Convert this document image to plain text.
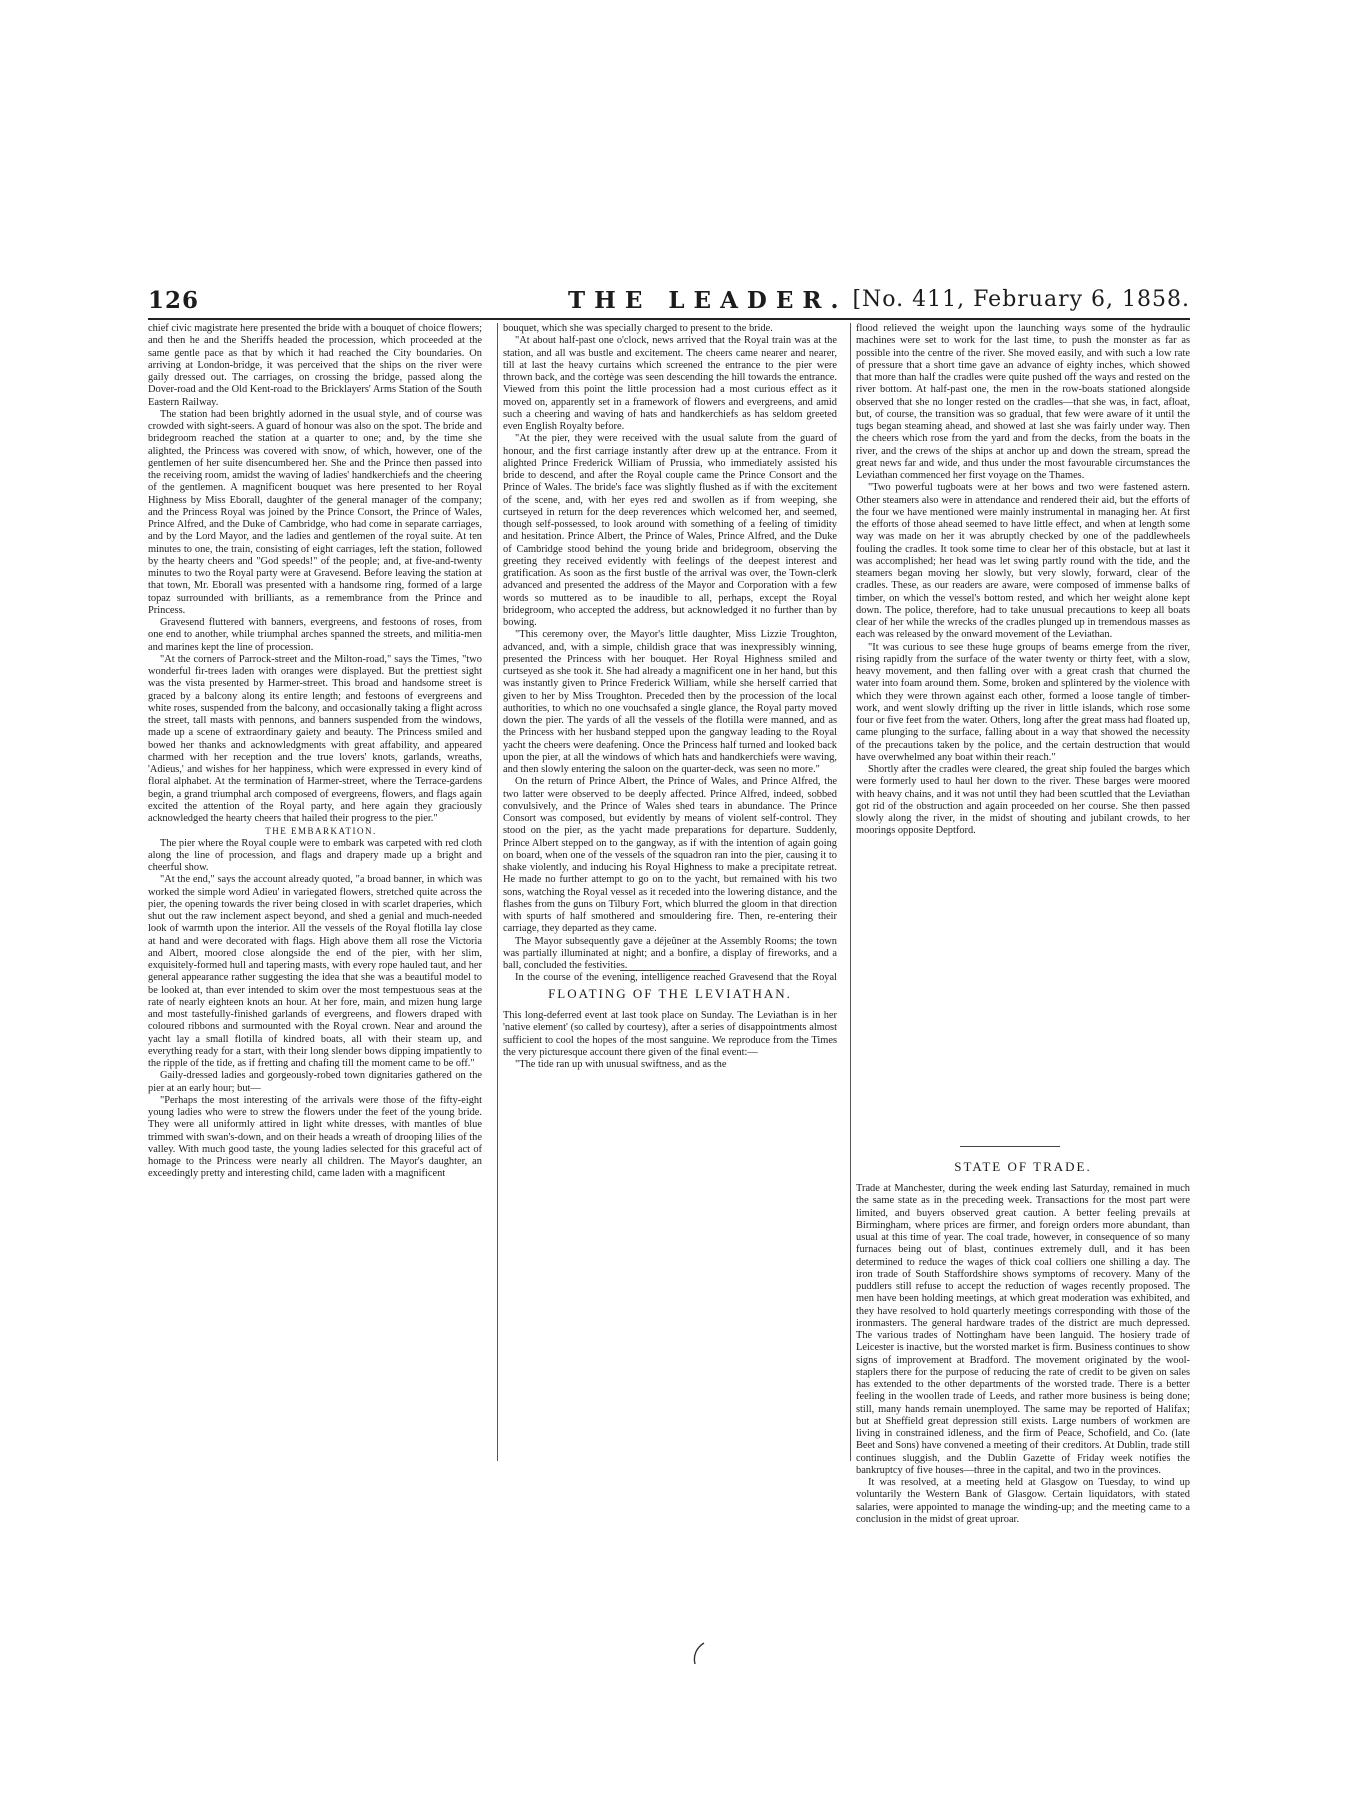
126	THE LEADER. [No. 411, February 6, 1858.

chief civic magistrate here presented the bride with a bouquet of choice flowers; and then he and the Sheriffs headed the procession, which proceeded at the same gentle pace as that by which it had reached the City boundaries. On arriving at London-bridge, it was perceived that the ships on the river were gaily dressed out. The carriages, on crossing the bridge, passed along the Dover-road and the Old Kent-road to the Bricklayers' Arms Station of the South Eastern Railway.

The station had been brightly adorned in the usual style, and of course was crowded with sight-seers. A guard of honour was also on the spot. The bride and bridegroom reached the station at a quarter to one; and, by the time she alighted, the Princess was covered with snow, of which, however, one of the gentlemen of her suite disencumbered her. She and the Prince then passed into the receiving room, amidst the waving of ladies' handkerchiefs and the cheering of the gentlemen. A magnificent bouquet was here presented to her Royal Highness by Miss Eborall, daughter of the general manager of the company; and the Princess Royal was joined by the Prince Consort, the Prince of Wales, Prince Alfred, and the Duke of Cambridge, who had come in separate carriages, and by the Lord Mayor, and the ladies and gentlemen of the royal suite. At ten minutes to one, the train, consisting of eight carriages, left the station, followed by the hearty cheers and "God speeds!" of the people; and, at five-and-twenty minutes to two the Royal party were at Gravesend. Before leaving the station at that town, Mr. Eborall was presented with a handsome ring, formed of a large topaz surrounded with brilliants, as a remembrance from the Prince and Princess.

Gravesend fluttered with banners, evergreens, and festoons of roses, from one end to another, while triumphal arches spanned the streets, and militia-men and marines kept the line of procession.

"At the corners of Parrock-street and the Milton-road," says the Times, "two wonderful fir-trees laden with oranges were displayed. But the prettiest sight was the vista presented by Harmer-street. This broad and handsome street is graced by a balcony along its entire length; and festoons of evergreens and white roses, suspended from the balcony, and occasionally taking a flight across the street, tall masts with pennons, and banners suspended from the windows, made up a scene of extraordinary gaiety and beauty. The Princess smiled and bowed her thanks and acknowledgments with great affability, and appeared charmed with her reception and the true lovers' knots, garlands, wreaths, 'Adieus,' and wishes for her happiness, which were expressed in every kind of floral alphabet. At the termination of Harmer-street, where the Terrace-gardens begin, a grand triumphal arch composed of evergreens, flowers, and flags again excited the attention of the Royal party, and here again they graciously acknowledged the hearty cheers that hailed their progress to the pier."

THE EMBARKATION.

The pier where the Royal couple were to embark was carpeted with red cloth along the line of procession, and flags and drapery made up a bright and cheerful show.

"At the end," says the account already quoted, "a broad banner, in which was worked the simple word Adieu' in variegated flowers, stretched quite across the pier, the opening towards the river being closed in with scarlet draperies, which shut out the raw inclement aspect beyond, and shed a genial and much-needed look of warmth upon the interior. All the vessels of the Royal flotilla lay close at hand and were decorated with flags. High above them all rose the Victoria and Albert, moored close alongside the end of the pier, with her slim, exquisitely-formed hull and tapering masts, with every rope hauled taut, and her general appearance rather suggesting the idea that she was a beautiful model to be looked at, than ever intended to skim over the most tempestuous seas at the rate of nearly eighteen knots an hour. At her fore, main, and mizen hung large and most tastefully-finished garlands of evergreens, and flowers draped with coloured ribbons and surmounted with the Royal crown. Near and around the yacht lay a small flotilla of kindred boats, all with their steam up, and everything ready for a start, with their long slender bows dipping impatiently to the ripple of the tide, as if fretting and chafing till the moment came to be off."

Gaily-dressed ladies and gorgeously-robed town dignitaries gathered on the pier at an early hour; but—

"Perhaps the most interesting of the arrivals were those of the fifty-eight young ladies who were to strew the flowers under the feet of the young bride. They were all uniformly attired in light white dresses, with mantles of blue trimmed with swan's-down, and on their heads a wreath of drooping lilies of the valley. With much good taste, the young ladies selected for this graceful act of homage to the Princess were nearly all children. The Mayor's daughter, an exceedingly pretty and interesting child, came laden with a magnificent

bouquet, which she was specially charged to present to the bride.

"At about half-past one o'clock, news arrived that the Royal train was at the station, and all was bustle and excitement. The cheers came nearer and nearer, till at last the heavy curtains which screened the entrance to the pier were thrown back, and the cortège was seen descending the hill towards the entrance. Viewed from this point the little procession had a most curious effect as it moved on, apparently set in a framework of flowers and evergreens, and amid such a cheering and waving of hats and handkerchiefs as has seldom greeted even English Royalty before.

"At the pier, they were received with the usual salute from the guard of honour, and the first carriage instantly after drew up at the entrance. From it alighted Prince Frederick William of Prussia, who immediately assisted his bride to descend, and after the Royal couple came the Prince Consort and the Prince of Wales. The bride's face was slightly flushed as if with the excitement of the scene, and, with her eyes red and swollen as if from weeping, she curtseyed in return for the deep reverences which welcomed her, and seemed, though self-possessed, to look around with something of a feeling of timidity and hesitation. Prince Albert, the Prince of Wales, Prince Alfred, and the Duke of Cambridge stood behind the young bride and bridegroom, observing the greeting they received evidently with feelings of the deepest interest and gratification. As soon as the first bustle of the arrival was over, the Town-clerk advanced and presented the address of the Mayor and Corporation with a few words so muttered as to be inaudible to all, perhaps, except the Royal bridegroom, who accepted the address, but acknowledged it no further than by bowing.

"This ceremony over, the Mayor's little daughter, Miss Lizzie Troughton, advanced, and, with a simple, childish grace that was inexpressibly winning, presented the Princess with her bouquet. Her Royal Highness smiled and curtseyed as she took it. She had already a magnificent one in her hand, but this was instantly given to Prince Frederick William, while she herself carried that given to her by Miss Troughton. Preceded then by the procession of the local authorities, to which no one vouchsafed a single glance, the Royal party moved down the pier. The yards of all the vessels of the flotilla were manned, and as the Princess with her husband stepped upon the gangway leading to the Royal yacht the cheers were deafening. Once the Princess half turned and looked back upon the pier, at all the windows of which hats and handkerchiefs were waving, and then slowly entering the saloon on the quarter-deck, was seen no more."

On the return of Prince Albert, the Prince of Wales, and Prince Alfred, the two latter were observed to be deeply affected. Prince Alfred, indeed, sobbed convulsively, and the Prince of Wales shed tears in abundance. The Prince Consort was composed, but evidently by means of violent self-control. They stood on the pier, as the yacht made preparations for departure. Suddenly, Prince Albert stepped on to the gangway, as if with the intention of again going on board, when one of the vessels of the squadron ran into the pier, causing it to shake violently, and inducing his Royal Highness to make a precipitate retreat. He made no further attempt to go on to the yacht, but remained with his two sons, watching the Royal vessel as it receded into the lowering distance, and the flashes from the guns on Tilbury Fort, which blurred the gloom in that direction with spurts of half smothered and smouldering fire. Then, re-entering their carriage, they departed as they came.

The Mayor subsequently gave a déjeûner at the Assembly Rooms; the town was partially illuminated at night; and a bonfire, a display of fireworks, and a ball, concluded the festivities.

In the course of the evening, intelligence reached Gravesend that the Royal

FLOATING OF THE LEVIATHAN.

This long-deferred event at last took place on Sunday. The Leviathan is in her 'native element' (so called by courtesy), after a series of disappointments almost sufficient to cool the hopes of the most sanguine. We reproduce from the Times the very picturesque account there given of the final event:—

"The tide ran up with unusual swiftness, and as the

flood relieved the weight upon the launching ways some of the hydraulic machines were set to work for the last time, to push the monster as far as possible into the centre of the river. She moved easily, and with such a low rate of pressure that a short time gave an advance of eighty inches, which showed that more than half the cradles were quite pushed off the ways and rested on the river bottom. At half-past one, the men in the row-boats stationed alongside observed that she no longer rested on the cradles—that she was, in fact, afloat, but, of course, the transition was so gradual, that few were aware of it until the tugs began steaming ahead, and showed at last she was fairly under way. Then the cheers which rose from the yard and from the decks, from the boats in the river, and the crews of the ships at anchor up and down the stream, spread the great news far and wide, and thus under the most favourable circumstances the Leviathan commenced her first voyage on the Thames.

"Two powerful tugboats were at her bows and two were fastened astern. Other steamers also were in attendance and rendered their aid, but the efforts of the four we have mentioned were mainly instrumental in managing her. At first the efforts of those ahead seemed to have little effect, and when at length some way was made on her it was abruptly checked by one of the paddlewheels fouling the cradles. It took some time to clear her of this obstacle, but at last it was accomplished; her head was let swing partly round with the tide, and the steamers began moving her slowly, but very slowly, forward, clear of the cradles. These, as our readers are aware, were composed of immense balks of timber, on which the vessel's bottom rested, and which her weight alone kept down. The police, therefore, had to take unusual precautions to keep all boats clear of her while the wrecks of the cradles plunged up in tremendous masses as each was released by the onward movement of the Leviathan.

"It was curious to see these huge groups of beams emerge from the river, rising rapidly from the surface of the water twenty or thirty feet, with a slow, heavy movement, and then falling over with a great crash that churned the water into foam around them. Some, broken and splintered by the violence with which they were thrown against each other, formed a loose tangle of timber-work, and went slowly drifting up the river in little islands, which rose some four or five feet from the water. Others, long after the great mass had floated up, came plunging to the surface, falling about in a way that showed the necessity of the precautions taken by the police, and the certain destruction that would have overwhelmed any boat within their reach."

Shortly after the cradles were cleared, the great ship fouled the barges which were formerly used to haul her down to the river. These barges were moored with heavy chains, and it was not until they had been scuttled that the Leviathan got rid of the obstruction and again proceeded on her course. She then passed slowly along the river, in the midst of shouting and jubilant crowds, to her moorings opposite Deptford.

STATE OF TRADE.

Trade at Manchester, during the week ending last Saturday, remained in much the same state as in the preceding week. Transactions for the most part were limited, and buyers observed great caution. A better feeling prevails at Birmingham, where prices are firmer, and foreign orders more abundant, than usual at this time of year. The coal trade, however, in consequence of so many furnaces being out of blast, continues extremely dull, and it has been determined to reduce the wages of thick coal colliers one shilling a day. The iron trade of South Staffordshire shows symptoms of recovery. Many of the puddlers still refuse to accept the reduction of wages recently proposed. The men have been holding meetings, at which great moderation was exhibited, and they have resolved to hold quarterly meetings corresponding with those of the ironmasters. The general hardware trades of the district are much depressed. The various trades of Nottingham have been languid. The hosiery trade of Leicester is inactive, but the worsted market is firm. Business continues to show signs of improvement at Bradford. The movement originated by the wool-staplers there for the purpose of reducing the rate of credit to be given on sales has extended to the other departments of the worsted trade. There is a better feeling in the woollen trade of Leeds, and rather more business is being done; still, many hands remain unemployed. The same may be reported of Halifax; but at Sheffield great depression still exists. Large numbers of workmen are living in constrained idleness, and the firm of Peace, Schofield, and Co. (late Beet and Sons) have convened a meeting of their creditors. At Dublin, trade still continues sluggish, and the Dublin Gazette of Friday week notifies the bankruptcy of five houses—three in the capital, and two in the provinces.

It was resolved, at a meeting held at Glasgow on Tuesday, to wind up voluntarily the Western Bank of Glasgow. Certain liquidators, with stated salaries, were appointed to manage the winding-up; and the meeting came to a conclusion in the midst of great uproar.
